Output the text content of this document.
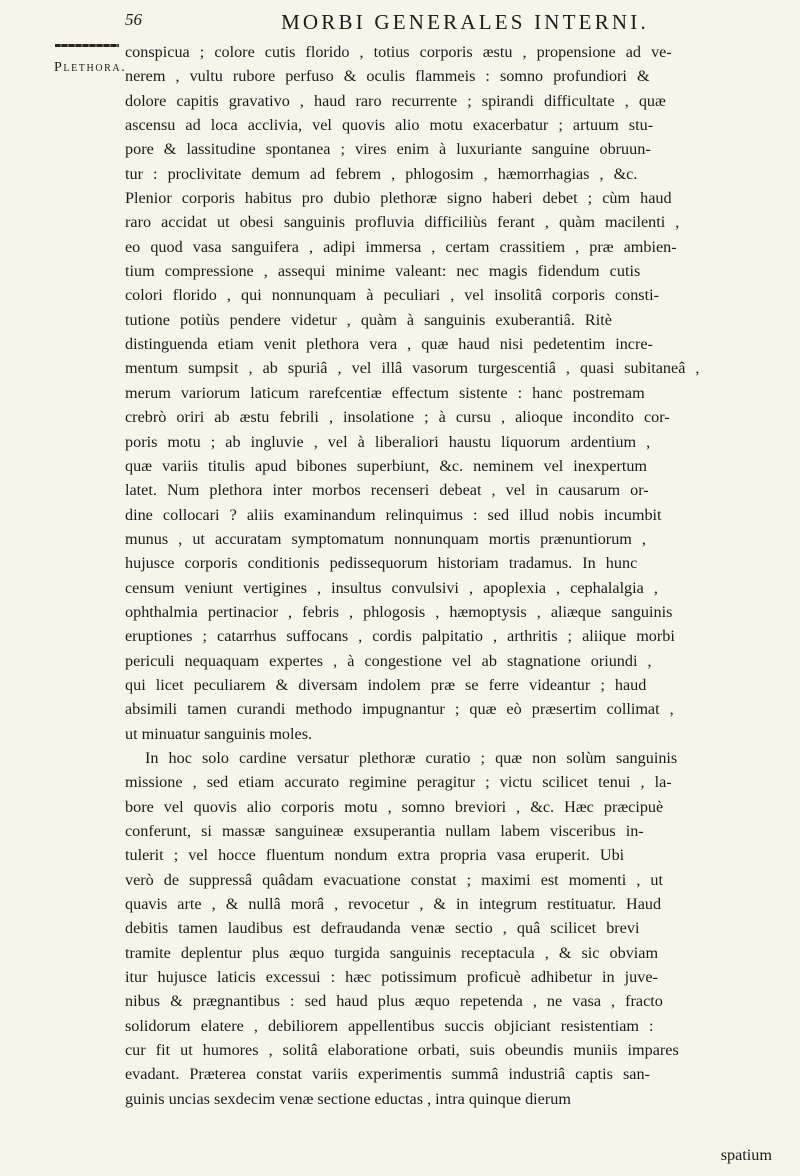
56	MORBI GENERALES INTERNI.
Plethora.
conspicua ; colore cutis florido , totius corporis æstu , propensione ad ve-
nerem , vultu rubore perfuso & oculis flammeis : somno profundiori &
dolore capitis gravativo , haud raro recurrente ; spirandi difficultate , quæ
ascensu ad loca acclivia, vel quovis alio motu exacerbatur ; artuum stu-
pore & lassitudine spontanea ; vires enim à luxuriante sanguine obruun-
tur : proclivitate demum ad febrem , phlogosim , hæmorrhagias , &c.
Plenior corporis habitus pro dubio plethoræ signo haberi debet ; cùm haud
raro accidat ut obesi sanguinis profluvia difficiliùs ferant , quàm macilenti ,
eo quod vasa sanguifera , adipi immersa , certam crassitiem , præ ambien-
tium compressione , assequi minime valeant: nec magis fidendum cutis
colori florido , qui nonnunquam à peculiari , vel insolitâ corporis consti-
tutione potiùs pendere videtur , quàm à sanguinis exuberantiâ. Ritè
distinguenda etiam venit plethora vera , quæ haud nisi pedetentim incre-
mentum sumpsit , ab spuriâ , vel illâ vasorum turgescentiâ , quasi subitaneâ ,
merum variorum laticum rarefcentiæ effectum sistente : hanc postremam
crebrò oriri ab æstu febrili , insolatione ; à cursu , alioque incondito cor-
poris motu ; ab ingluvie , vel à liberaliori haustu liquorum ardentium ,
quæ variis titulis apud bibones superbiunt, &c. neminem vel inexpertum
latet. Num plethora inter morbos recenseri debeat , vel in causarum or-
dine collocari ? aliis examinandum relinquimus : sed illud nobis incumbit
munus , ut accuratam symptomatum nonnunquam mortis prænuntiorum ,
hujusce corporis conditionis pedissequorum historiam tradamus. In hunc
censum veniunt vertigines , insultus convulsivi , apoplexia , cephalalgia ,
ophthalmia pertinacior , febris , phlogosis , hæmoptysis , aliæque sanguinis
eruptiones ; catarrhus suffocans , cordis palpitatio , arthritis ; aliique morbi
periculi nequaquam expertes , à congestione vel ab stagnatione oriundi ,
qui licet peculiarem & diversam indolem præ se ferre videantur ; haud
absimili tamen curandi methodo impugnantur ; quæ eò præsertim collimat ,
ut minuatur sanguinis moles.
In hoc solo cardine versatur plethoræ curatio ; quæ non solùm sanguinis
missione , sed etiam accurato regimine peragitur ; victu scilicet tenui , la-
bore vel quovis alio corporis motu , somno breviori , &c. Hæc præcipuè
conferunt, si massæ sanguineæ exsuperantia nullam labem visceribus in-
tulerit ; vel hocce fluentum nondum extra propria vasa eruperit. Ubi
verò de suppressâ quâdam evacuatione constat ; maximi est momenti , ut
quavis arte , & nullâ morâ , revocetur , & in integrum restituatur. Haud
debitis tamen laudibus est defraudanda venæ sectio , quâ scilicet brevi
tramite deplentur plus æquo turgida sanguinis receptacula , & sic obviam
itur hujusce laticis excessui : hæc potissimum proficuè adhibetur in juve-
nibus & prægnantibus : sed haud plus æquo repetenda , ne vasa , fracto
solidorum elatere , debiliorem appellentibus succis objiciant resistentiam :
cur fit ut humores , solitâ elaboratione orbati, suis obeundis muniis impares
evadant. Præterea constat variis experimentis summâ industriâ captis san-
guinis uncias sexdecim venæ sectione eductas , intra quinque dierum
spatium
